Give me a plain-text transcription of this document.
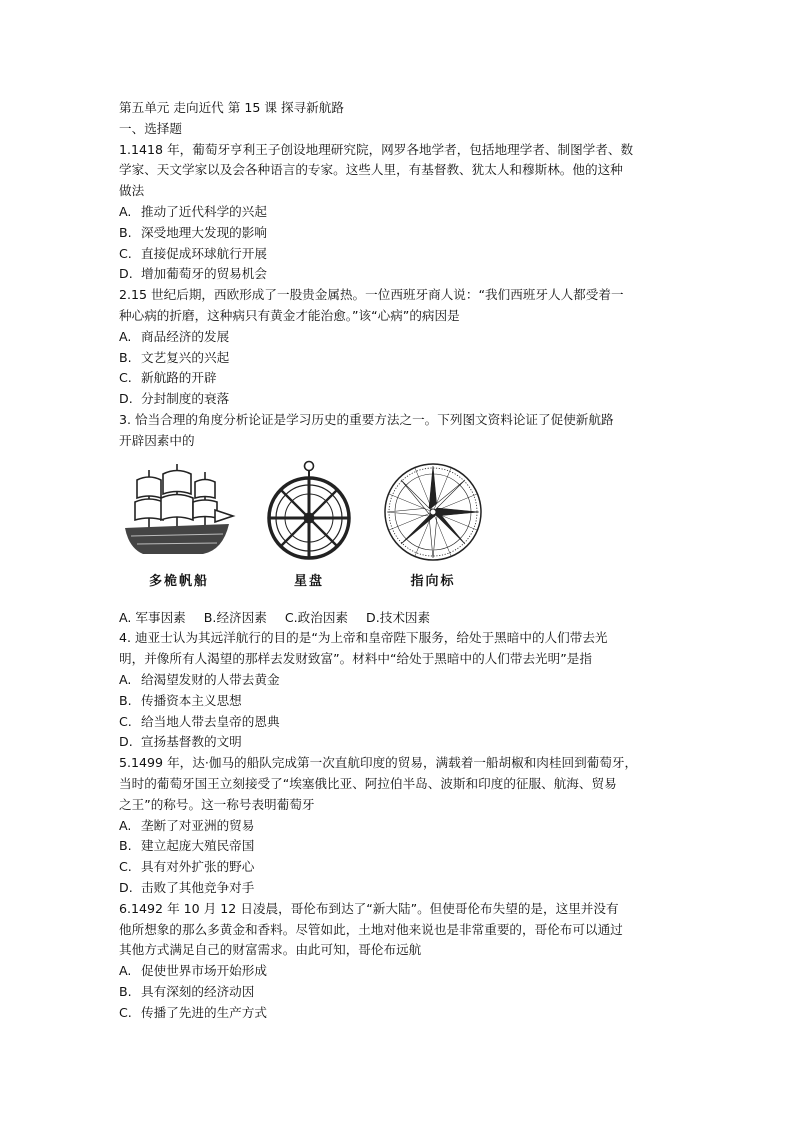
第五单元 走向近代 第 15 课 探寻新航路
一、选择题
1.1418 年，葡萄牙亨利王子创设地理研究院，网罗各地学者，包括地理学者、制图学者、数
学家、天文学家以及会各种语言的专家。这些人里，有基督教、犹太人和穆斯林。他的这种
做法
A. 推动了近代科学的兴起
B. 深受地理大发现的影响
C. 直接促成环球航行开展
D. 增加葡萄牙的贸易机会
2.15 世纪后期，西欧形成了一股贵金属热。一位西班牙商人说：“我们西班牙人人都受着一
种心病的折磨，这种病只有黄金才能治愈。”该“心病”的病因是
A. 商品经济的发展
B. 文艺复兴的兴起
C. 新航路的开辟
D. 分封制度的衰落
3. 恰当合理的角度分析论证是学习历史的重要方法之一。下列图文资料论证了促使新航路
开辟因素中的
多桅帆船	星盘	指向标
A. 军事因素 B.经济因素 C.政治因素 D.技术因素
4. 迪亚士认为其远洋航行的目的是“为上帝和皇帝陛下服务，给处于黑暗中的人们带去光
明，并像所有人渴望的那样去发财致富”。材料中“给处于黑暗中的人们带去光明”是指
A. 给渴望发财的人带去黄金
B. 传播资本主义思想
C. 给当地人带去皇帝的恩典
D. 宣扬基督教的文明
5.1499 年，达·伽马的船队完成第一次直航印度的贸易，满载着一船胡椒和肉桂回到葡萄牙，
当时的葡萄牙国王立刻接受了“埃塞俄比亚、阿拉伯半岛、波斯和印度的征服、航海、贸易
之王”的称号。这一称号表明葡萄牙
A. 垄断了对亚洲的贸易
B. 建立起庞大殖民帝国
C. 具有对外扩张的野心
D. 击败了其他竞争对手
6.1492 年 10 月 12 日凌晨，哥伦布到达了“新大陆”。但使哥伦布失望的是，这里并没有
他所想象的那么多黄金和香料。尽管如此，土地对他来说也是非常重要的，哥伦布可以通过
其他方式满足自己的财富需求。由此可知，哥伦布远航
A. 促使世界市场开始形成
B. 具有深刻的经济动因
C. 传播了先进的生产方式
